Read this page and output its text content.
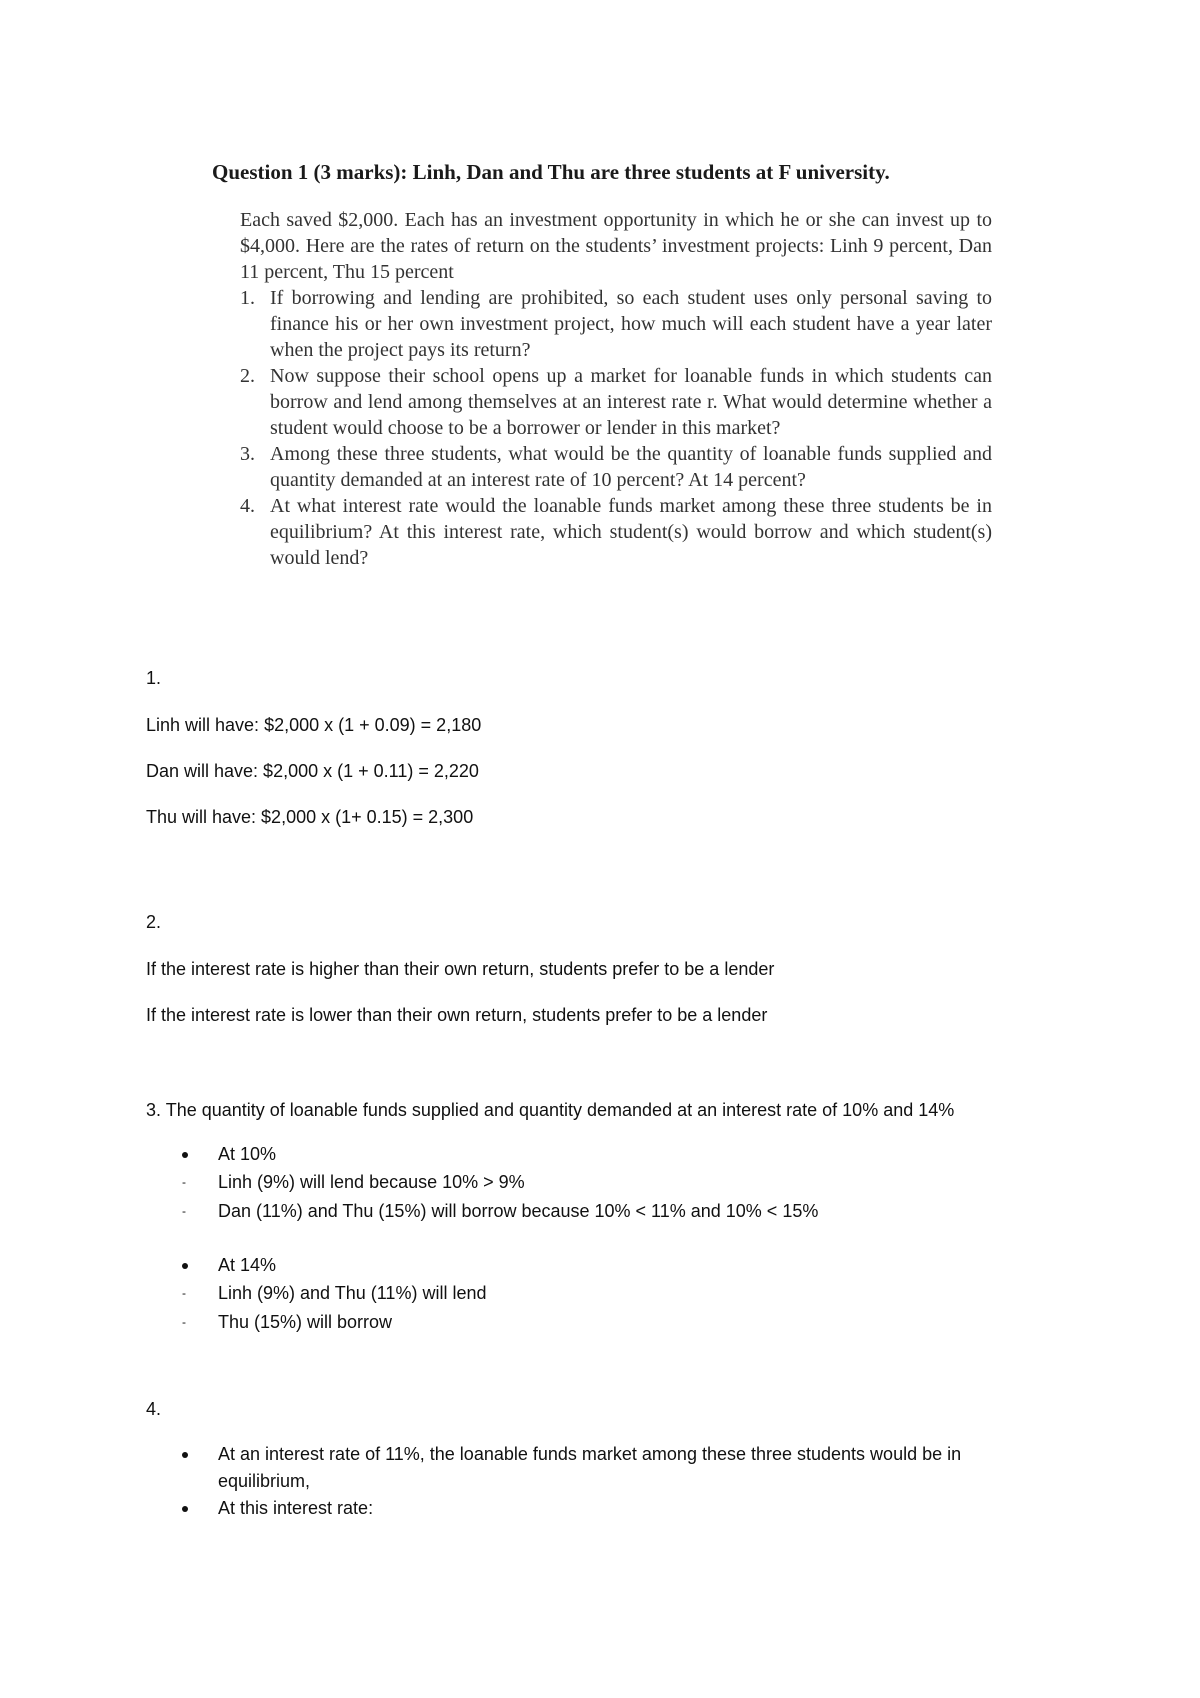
Question 1 (3 marks): Linh, Dan and Thu are three students at F university.

Each saved $2,000. Each has an investment opportunity in which he or she can invest up to $4,000. Here are the rates of return on the students’ investment projects: Linh 9 percent, Dan 11 percent, Thu 15 percent

1. If borrowing and lending are prohibited, so each student uses only personal saving to finance his or her own investment project, how much will each student have a year later when the project pays its return?
2. Now suppose their school opens up a market for loanable funds in which students can borrow and lend among themselves at an interest rate r. What would determine whether a student would choose to be a borrower or lender in this market?
3. Among these three students, what would be the quantity of loanable funds supplied and quantity demanded at an interest rate of 10 percent? At 14 percent?
4. At what interest rate would the loanable funds market among these three students be in equilibrium? At this interest rate, which student(s) would borrow and which student(s) would lend?

1.

Linh will have: $2,000 x (1 + 0.09) = 2,180

Dan will have: $2,000 x (1 + 0.11) = 2,220

Thu will have: $2,000 x (1+ 0.15) = 2,300

2.

If the interest rate is higher than their own return, students prefer to be a lender

If the interest rate is lower than their own return, students prefer to be a lender

3. The quantity of loanable funds supplied and quantity demanded at an interest rate of 10% and 14%

At 10%
- Linh (9%) will lend because 10% > 9%
- Dan (11%) and Thu (15%) will borrow because 10% < 11% and 10% < 15%
At 14%
- Linh (9%) and Thu (11%) will lend
- Thu (15%) will borrow

4.

At an interest rate of 11%, the loanable funds market among these three students would be in equilibrium,
At this interest rate:
